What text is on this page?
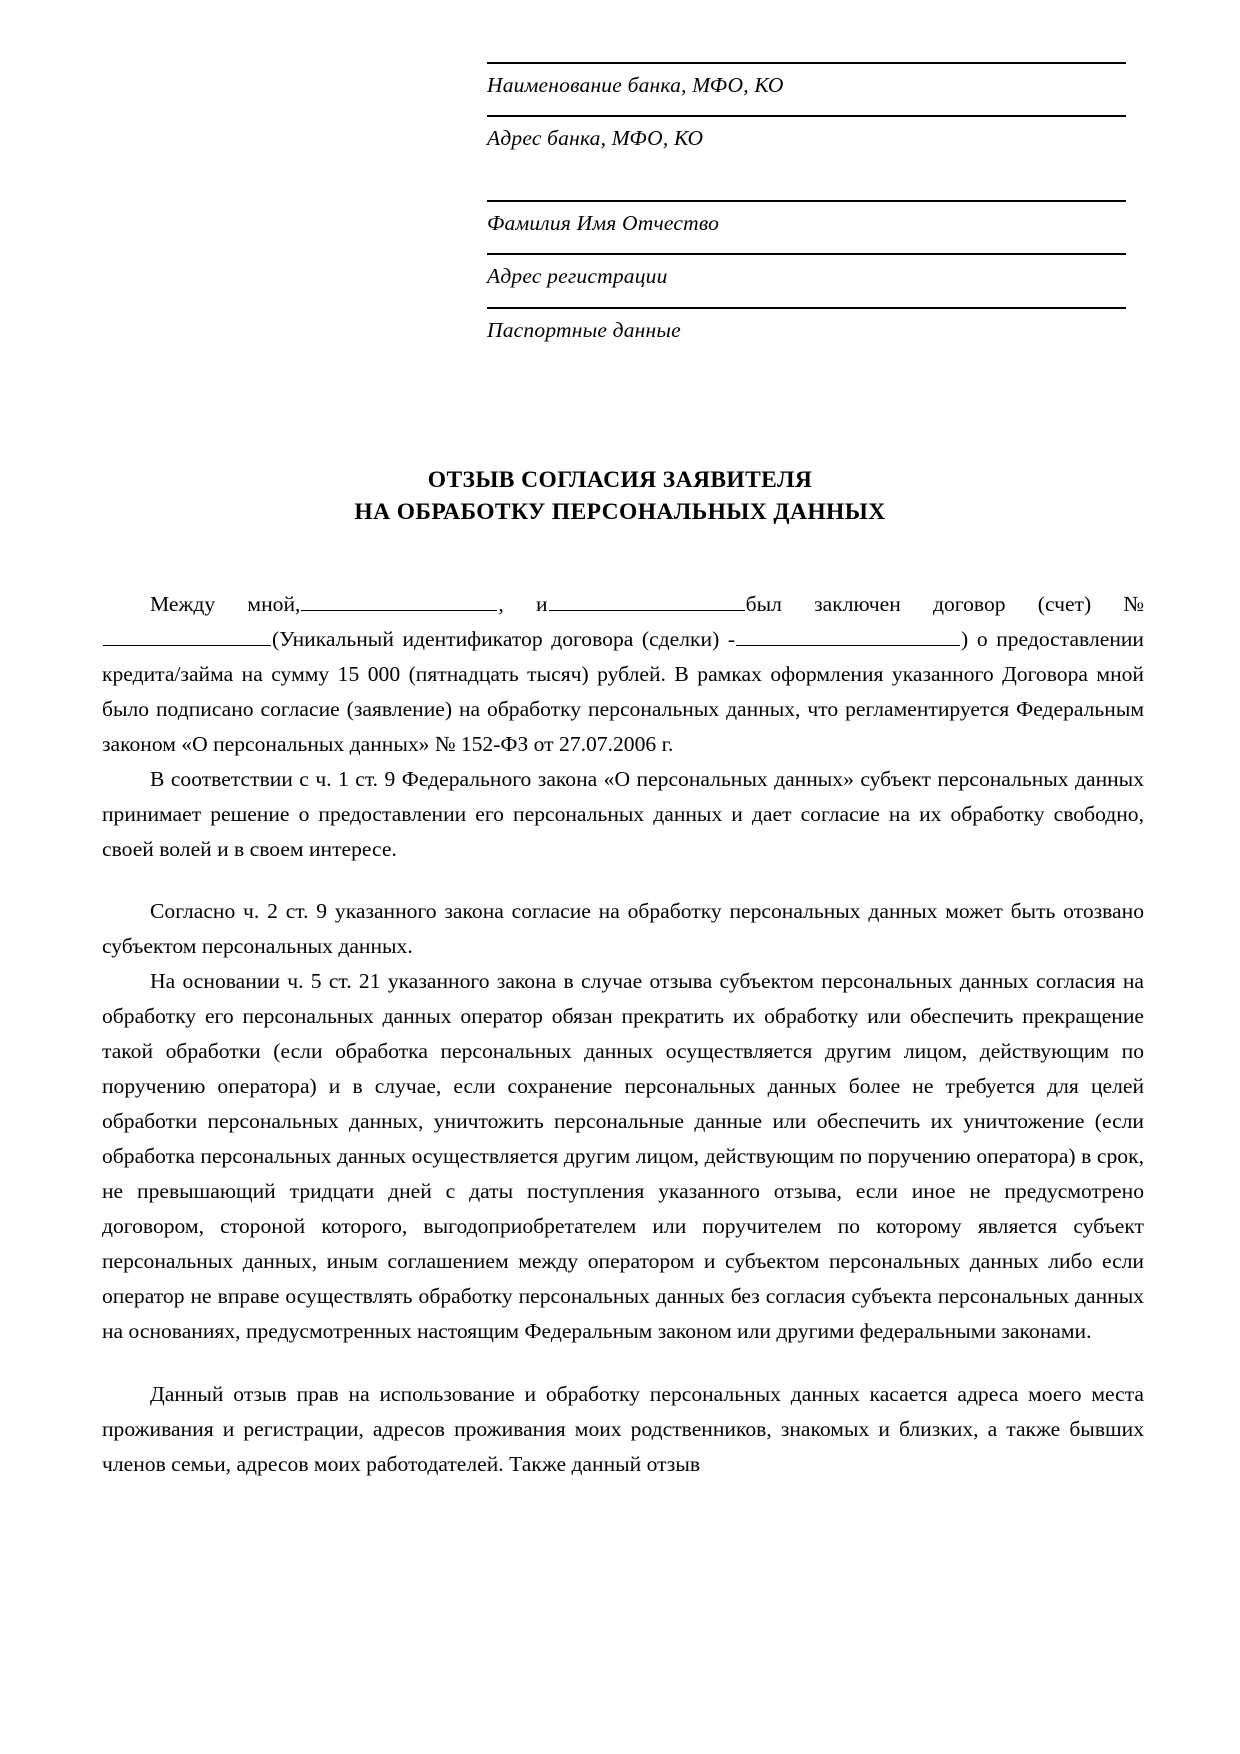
Наименование банка, МФО, КО
Адрес банка, МФО, КО
Фамилия Имя Отчество
Адрес регистрации
Паспортные данные
ОТЗЫВ СОГЛАСИЯ ЗАЯВИТЕЛЯ
НА ОБРАБОТКУ ПЕРСОНАЛЬНЫХ ДАННЫХ

Между мной,	, и	был заключен договор (счет) №(Уникальный идентификатор договора (сделки) -	) о предоставлении кредита/займа на сумму 15 000 (пятнадцать тысяч) рублей. В рамках оформления указанного Договора мной было подписано согласие (заявление) на обработку персональных данных, что регламентируется Федеральным законом «О персональных данных» № 152-ФЗ от 27.07.2006 г.

В соответствии с ч. 1 ст. 9 Федерального закона «О персональных данных» субъект персональных данных принимает решение о предоставлении его персональных данных и дает согласие на их обработку свободно, своей волей и в своем интересе.

Согласно ч. 2 ст. 9 указанного закона согласие на обработку персональных данных может быть отозвано субъектом персональных данных.

На основании ч. 5 ст. 21 указанного закона в случае отзыва субъектом персональных данных согласия на обработку его персональных данных оператор обязан прекратить их обработку или обеспечить прекращение такой обработки (если обработка персональных данных осуществляется другим лицом, действующим по поручению оператора) и в случае, если сохранение персональных данных более не требуется для целей обработки персональных данных, уничтожить персональные данные или обеспечить их уничтожение (если обработка персональных данных осуществляется другим лицом, действующим по поручению оператора) в срок, не превышающий тридцати дней с даты поступления указанного отзыва, если иное не предусмотрено договором, стороной которого, выгодоприобретателем или поручителем по которому является субъект персональных данных, иным соглашением между оператором и субъектом персональных данных либо если оператор не вправе осуществлять обработку персональных данных без согласия субъекта персональных данных на основаниях, предусмотренных настоящим Федеральным законом или другими федеральными законами.

Данный отзыв прав на использование и обработку персональных данных касается адреса моего места проживания и регистрации, адресов проживания моих родственников, знакомых и близких, а также бывших членов семьи, адресов моих работодателей. Также данный отзыв
